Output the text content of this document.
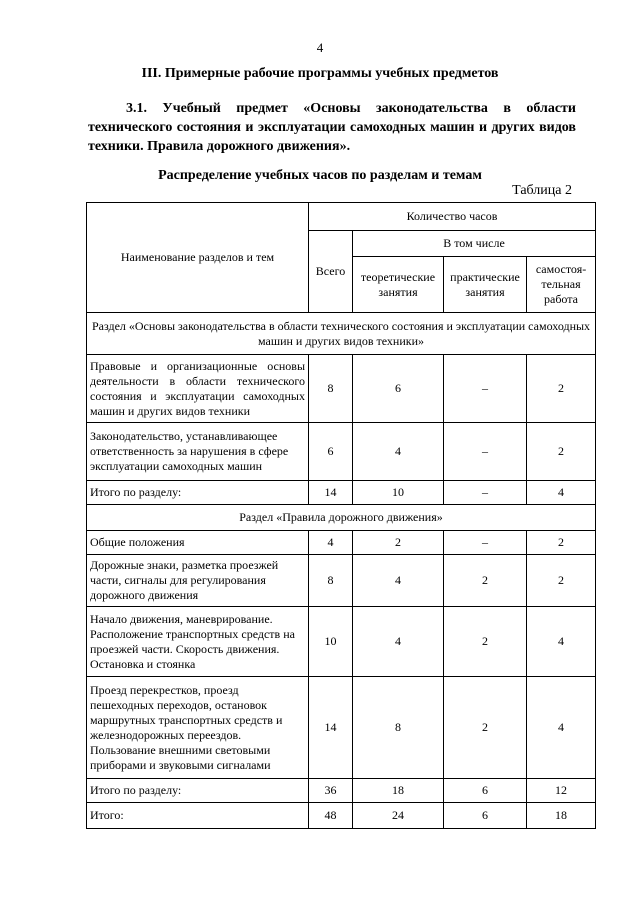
4
III. Примерные рабочие программы учебных предметов
3.1. Учебный предмет «Основы законодательства в области технического состояния и эксплуатации самоходных машин и других видов техники. Правила дорожного движения».
Распределение учебных часов по разделам и темам
Таблица 2
Наименование разделов и тем	Количество часов			
	Всего	В том числе		
		теоретические занятия	практические занятия	самостоя-тельная работа
Раздел «Основы законодательства в области технического состояния и эксплуатации самоходных машин и других видов техники»				
Правовые и организационные основы деятельности в области технического состояния и эксплуатации самоходных машин и других видов техники	8	6	–	2
Законодательство, устанавливающее ответственность за нарушения в сфере эксплуатации самоходных машин	6	4	–	2
Итого по разделу:	14	10	–	4
Раздел «Правила дорожного движения»				
Общие положения	4	2	–	2
Дорожные знаки, разметка проезжей части, сигналы для регулирования дорожного движения	8	4	2	2
Начало движения, маневрирование. Расположение транспортных средств на проезжей части. Скорость движения. Остановка и стоянка	10	4	2	4
Проезд перекрестков, проезд пешеходных переходов, остановок маршрутных транспортных средств и железнодорожных переездов. Пользование внешними световыми приборами и звуковыми сигналами	14	8	2	4
Итого по разделу:	36	18	6	12
Итого:	48	24	6	18
